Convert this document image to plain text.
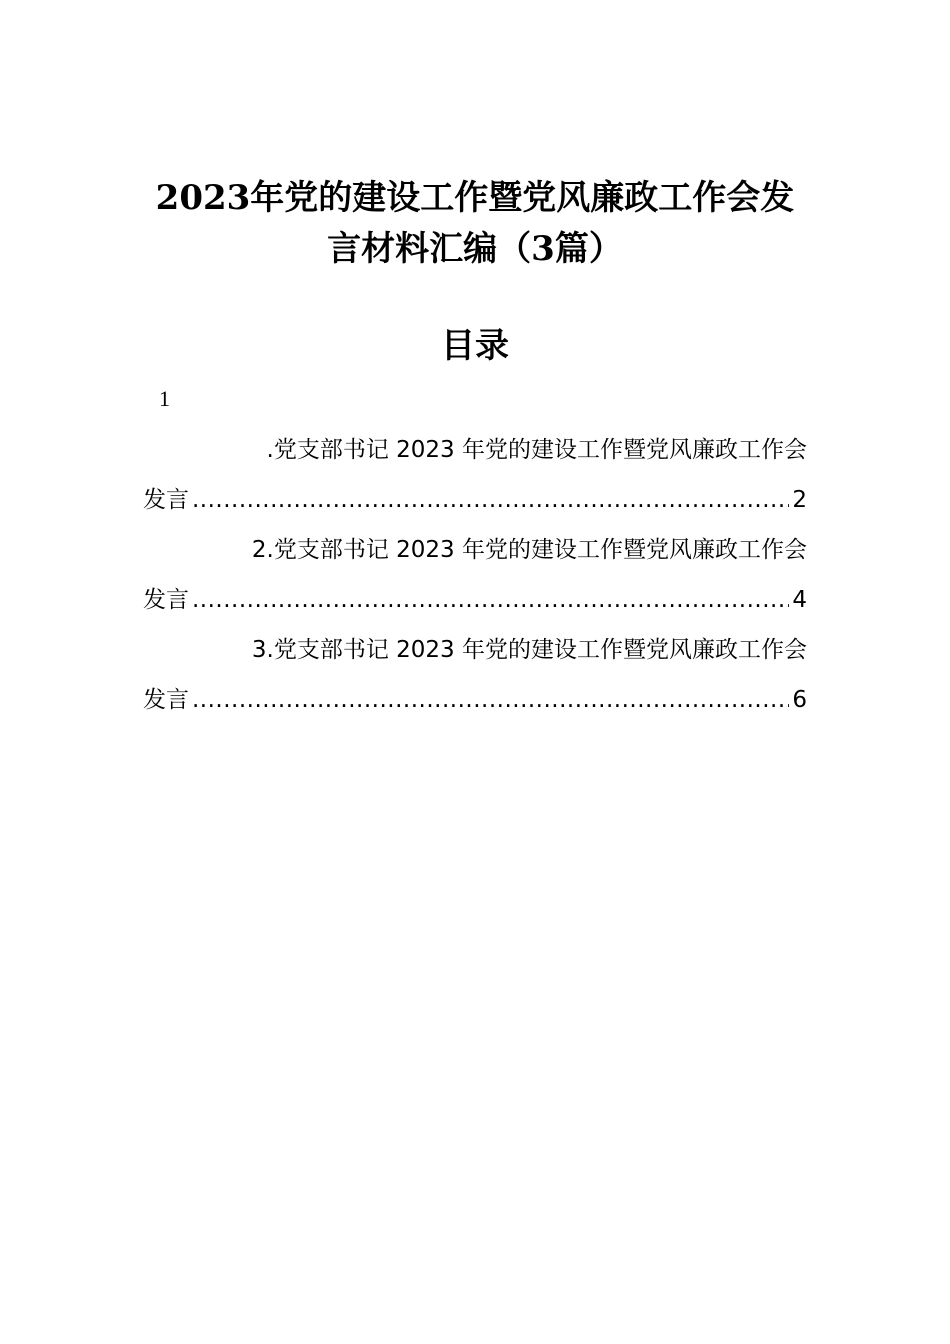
2023年党的建设工作暨党风廉政工作会发
言材料汇编（3篇）
目录
1
.党支部书记 2023 年党的建设工作暨党风廉政工作会
发言 .....	2
2.党支部书记 2023 年党的建设工作暨党风廉政工作会
发言 .....	4
3.党支部书记 2023 年党的建设工作暨党风廉政工作会
发言 .....	6
